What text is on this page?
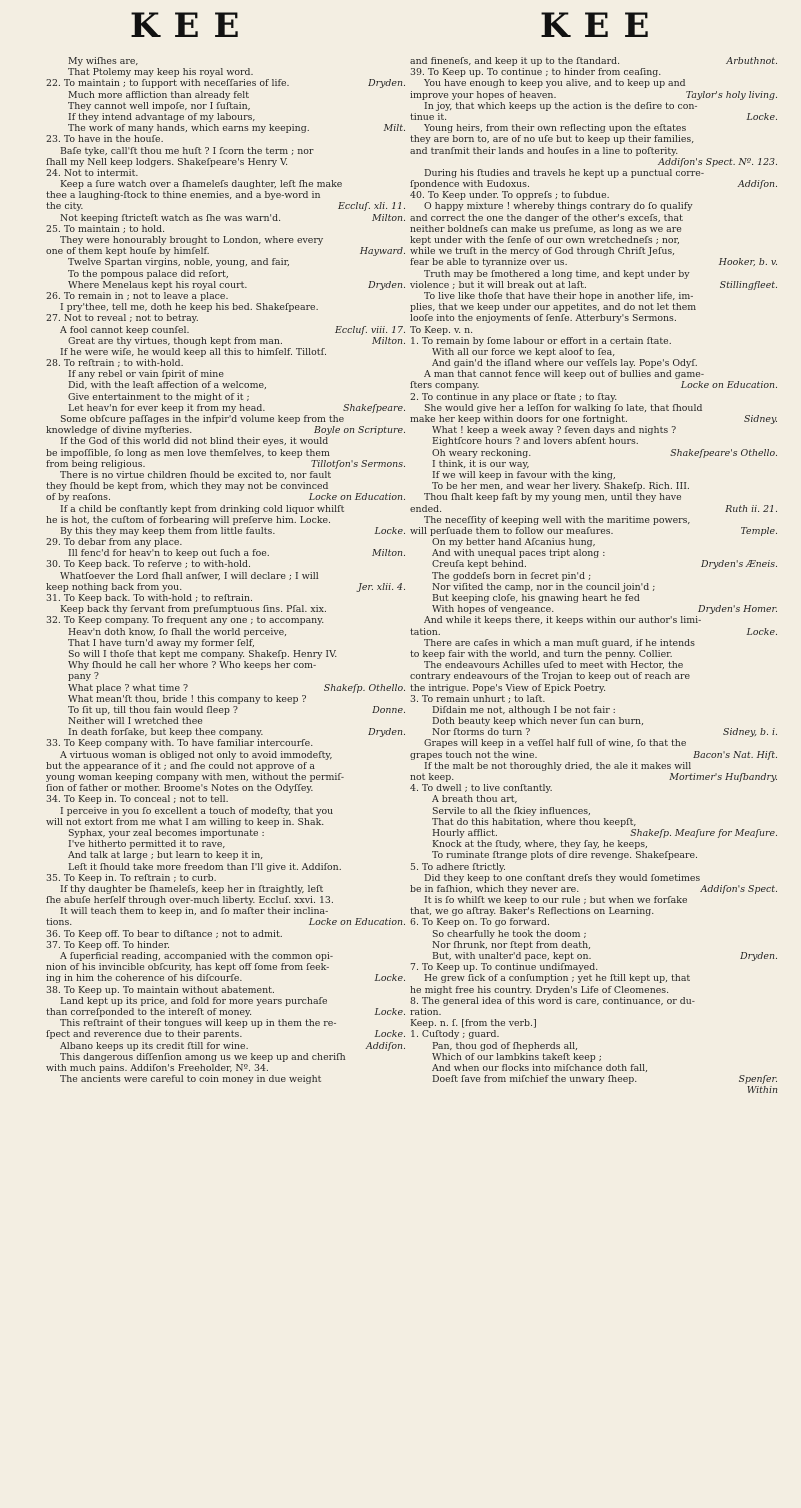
KEE	KEE
My wiſhes are,
That Ptolemy may keep his royal word.
Dryden.
22. To maintain ; to ſupport with neceſſaries of life.
Much more affliction than already felt
They cannot well impoſe, nor I ſuſtain,
If they intend advantage of my labours,
Milt.
The work of many hands, which earns my keeping.
23. To have in the houſe.
Baſe tyke, call'ſt thou me huſt ? I ſcorn the term ; nor
ſhall my Nell keep lodgers. Shakeſpeare's Henry V.
24. Not to intermit.
Keep a ſure watch over a ſhameleſs daughter, leſt ſhe make
thee a laughing-ſtock to thine enemies, and a bye-word in
Eccluſ. xli. 11.
the city.
Milton.
Not keeping ſtricteſt watch as ſhe was warn'd.
25. To maintain ; to hold.
They were honourably brought to London, where every
Hayward.
one of them kept houſe by himſelf.
Twelve Spartan virgins, noble, young, and fair,
To the pompous palace did reſort,
Dryden.
Where Menelaus kept his royal court.
26. To remain in ; not to leave a place.
I pry'thee, tell me, doth he keep his bed. Shakeſpeare.
27. Not to reveal ; not to betray.
Eccluſ. viii. 17.
A fool cannot keep counſel.
Milton.
Great are thy virtues, though kept from man.
If he were wiſe, he would keep all this to himſelf. Tillotſ.
28. To reſtrain ; to with-hold.
If any rebel or vain ſpirit of mine
Did, with the leaſt affection of a welcome,
Give entertainment to the might of it ;
Shakeſpeare.
Let heav'n for ever keep it from my head.
Some obſcure paſſages in the infpir'd volume keep from the
Boyle on Scripture.
knowledge of divine myſteries.
If the God of this world did not blind their eyes, it would
be impoſſible, ſo long as men love themſelves, to keep them
Tillotſon's Sermons.
from being religious.
There is no virtue children ſhould be excited to, nor fault
they ſhould be kept from, which they may not be convinced
Locke on Education.
of by reaſons.
If a child be conſtantly kept from drinking cold liquor whilſt
he is hot, the cuſtom of forbearing will preſerve him. Locke.
Locke.
By this they may keep them from little faults.
29. To debar from any place.
Milton.
Ill fenc'd for heav'n to keep out ſuch a foe.
30. To Keep back. To reſerve ; to with-hold.
Whatſoever the Lord ſhall anſwer, I will declare ; I will
Jer. xlii. 4.
keep nothing back from you.
31. To Keep back. To with-hold ; to reſtrain.
Keep back thy ſervant from preſumptuous ſins. Pſal. xix.
32. To Keep company. To frequent any one ; to accompany.
Heav'n doth know, ſo ſhall the world perceive,
That I have turn'd away my former ſelf,
So will I thoſe that kept me company. Shakeſp. Henry IV.
Why ſhould he call her whore ? Who keeps her com-
pany ?
Shakeſp. Othello.
What place ? what time ?
What mean'ſt thou, bride ! this company to keep ?
Donne.
To ſit up, till thou fain would ſleep ?
Neither will I wretched thee
Dryden.
In death forſake, but keep thee company.
33. To Keep company with. To have familiar intercourſe.
A virtuous woman is obliged not only to avoid immodeſty,
but the appearance of it ; and ſhe could not approve of a
young woman keeping company with men, without the permiſ-
ſion of father or mother. Broome's Notes on the Odyſſey.
34. To Keep in. To conceal ; not to tell.
I perceive in you ſo excellent a touch of modeſty, that you
will not extort from me what I am willing to keep in. Shak.
Syphax, your zeal becomes importunate :
I've hitherto permitted it to rave,
And talk at large ; but learn to keep it in,
Leſt it ſhould take more freedom than I'll give it. Addiſon.
35. To Keep in. To reſtrain ; to curb.
If thy daughter be ſhameleſs, keep her in ſtraightly, leſt
ſhe abuſe herſelf through over-much liberty. Eccluſ. xxvi. 13.
It will teach them to keep in, and ſo maſter their inclina-
Locke on Education.
tions.
36. To Keep off. To bear to diſtance ; not to admit.
37. To Keep off. To hinder.
A ſuperficial reading, accompanied with the common opi-
nion of his invincible obſcurity, has kept off ſome from ſeek-
Locke.
ing in him the coherence of his diſcourſe.
38. To Keep up. To maintain without abatement.
Land kept up its price, and ſold for more years purchaſe
Locke.
than correſponded to the intereſt of money.
This reſtraint of their tongues will keep up in them the re-
Locke.
ſpect and reverence due to their parents.
Addiſon.
Albano keeps up its credit ſtill for wine.
This dangerous diſſenſion among us we keep up and cheriſh
with much pains. Addiſon's Freeholder, Nº. 34.
The ancients were careful to coin money in due weight
Arbuthnot.
and fineneſs, and keep it up to the ſtandard.
39. To Keep up. To continue ; to hinder from ceaſing.
You have enough to keep you alive, and to keep up and
Taylor's holy living.
improve your hopes of heaven.
In joy, that which keeps up the action is the deſire to con-
Locke.
tinue it.
Young heirs, from their own reflecting upon the eſtates
they are born to, are of no uſe but to keep up their families,
and tranſmit their lands and houſes in a line to poſterity.
Addiſon's Spect. Nº. 123.
During his ſtudies and travels he kept up a punctual corre-
Addiſon.
ſpondence with Eudoxus.
40. To Keep under. To oppreſs ; to ſubdue.
O happy mixture ! whereby things contrary do ſo qualify
and correct the one the danger of the other's exceſs, that
neither boldneſs can make us preſume, as long as we are
kept under with the ſenſe of our own wretchedneſs ; nor,
while we truſt in the mercy of God through Chriſt Jeſus,
Hooker, b. v.
fear be able to tyrannize over us.
Truth may be ſmothered a long time, and kept under by
Stillingfleet.
violence ; but it will break out at laſt.
To live like thoſe that have their hope in another life, im-
plies, that we keep under our appetites, and do not let them
looſe into the enjoyments of ſenſe. Atterbury's Sermons.
To Keep. v. n.
1. To remain by ſome labour or effort in a certain ſtate.
With all our force we kept aloof to ſea,
And gain'd the iſland where our veſſels lay. Pope's Odyſ.
A man that cannot fence will keep out of bullies and game-
Locke on Education.
ſters company.
2. To continue in any place or ſtate ; to ſtay.
She would give her a leſſon for walking ſo late, that ſhould
Sidney.
make her keep within doors for one fortnight.
What ! keep a week away ? ſeven days and nights ?
Eightſcore hours ? and lovers abſent hours.
Shakeſpeare's Othello.
Oh weary reckoning.
I think, it is our way,
If we will keep in favour with the king,
To be her men, and wear her livery. Shakeſp. Rich. III.
Thou ſhalt keep faſt by my young men, until they have
Ruth ii. 21.
ended.
The neceſſity of keeping well with the maritime powers,
Temple.
will perſuade them to follow our meaſures.
On my better hand Aſcanius hung,
And with unequal paces tript along :
Dryden's Æneis.
Creuſa kept behind.
The goddeſs born in ſecret pin'd ;
Nor viſited the camp, nor in the council join'd ;
But keeping cloſe, his gnawing heart he fed
Dryden's Homer.
With hopes of vengeance.
And while it keeps there, it keeps within our author's limi-
Locke.
tation.
There are caſes in which a man muſt guard, if he intends
to keep fair with the world, and turn the penny. Collier.
The endeavours Achilles uſed to meet with Hector, the
contrary endeavours of the Trojan to keep out of reach are
the intrigue. Pope's View of Epick Poetry.
3. To remain unhurt ; to laſt.
Diſdain me not, although I be not fair :
Doth beauty keep which never ſun can burn,
Sidney, b. i.
Nor ſtorms do turn ?
Grapes will keep in a veſſel half full of wine, ſo that the
Bacon's Nat. Hiſt.
grapes touch not the wine.
If the malt be not thoroughly dried, the ale it makes will
Mortimer's Huſbandry.
not keep.
4. To dwell ; to live conſtantly.
A breath thou art,
Servile to all the ſkiey influences,
That do this habitation, where thou keepſt,
Shakeſp. Meaſure for Meaſure.
Hourly afflict.
Knock at the ſtudy, where, they ſay, he keeps,
To ruminate ſtrange plots of dire revenge. Shakeſpeare.
5. To adhere ſtrictly.
Did they keep to one conſtant dreſs they would ſometimes
Addiſon's Spect.
be in faſhion, which they never are.
It is ſo whilſt we keep to our rule ; but when we forſake
that, we go aſtray. Baker's Reflections on Learning.
6. To Keep on. To go forward.
So chearfully he took the doom ;
Nor ſhrunk, nor ſtept from death,
Dryden.
But, with unalter'd pace, kept on.
7. To Keep up. To continue undiſmayed.
He grew ſick of a conſumption ; yet he ſtill kept up, that
he might free his country. Dryden's Life of Cleomenes.
8. The general idea of this word is care, continuance, or du-
ration.
Keep. n. ſ. [from the verb.]
1. Cuſtody ; guard.
Pan, thou god of ſhepherds all,
Which of our lambkins takeſt keep ;
And when our flocks into miſchance doth fall,
Spenſer.
Doeſt ſave from miſchief the unwary ſheep.
Within
